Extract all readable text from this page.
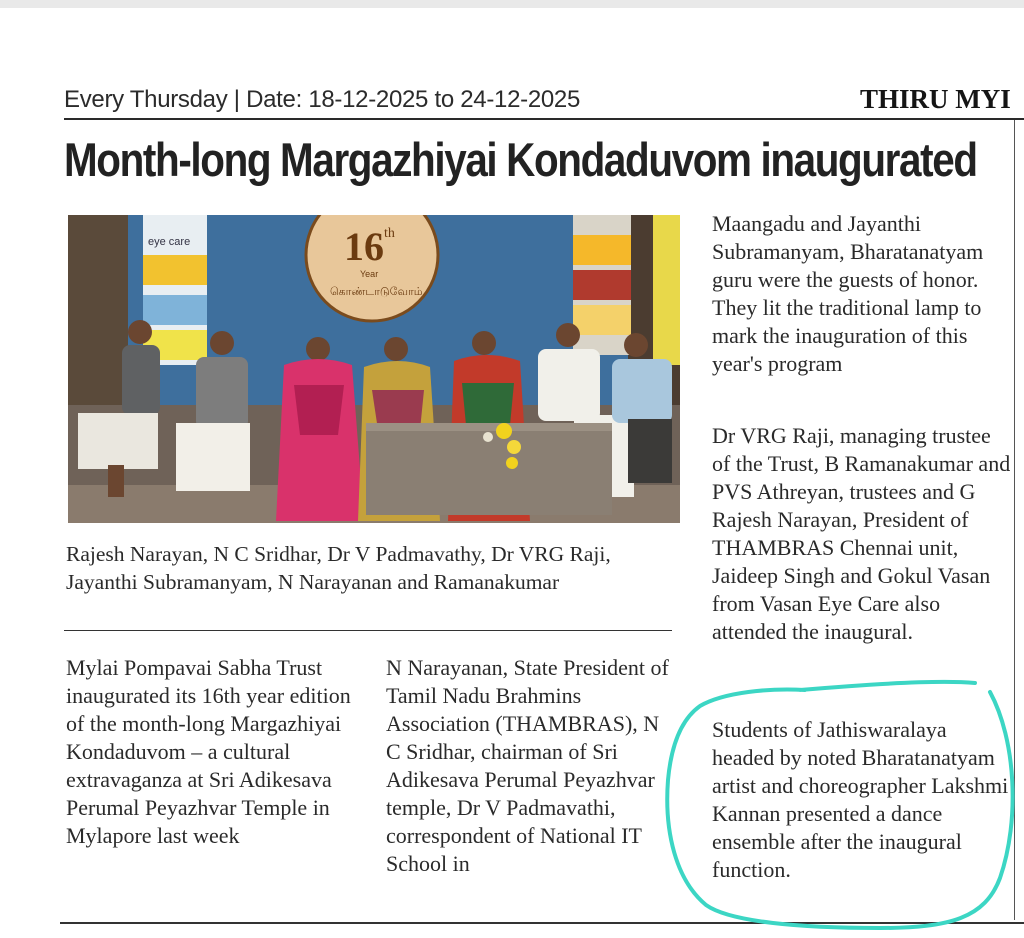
Every Thursday | Date: 18-12-2025 to 24-12-2025	THIRU MYI
Month-long Margazhiyai Kondaduvom inaugurated
eye care	16 th
Year
கொண்டாடுவோம்
Rajesh Narayan, N C Sridhar, Dr V Padmavathy, Dr VRG Raji, Jayanthi Subramanyam, N Narayanan and Ramanakumar

Mylai Pompavai Sabha Trust inaugurated its 16th year edition of the month-long Margazhiyai Kondaduvom – a cultural extravaganza at Sri Adikesava Perumal Peyazhvar Temple in Mylapore last week

N Narayanan, State President of Tamil Nadu Brahmins Association (THAMBRAS), N C Sridhar, chairman of Sri Adikesava Perumal Peyazhvar temple, Dr V Padmavathi, correspondent of National IT School in

Maangadu and Jayanthi Subramanyam, Bharatanatyam guru were the guests of honor. They lit the traditional lamp to mark the inauguration of this year's program

Dr VRG Raji, managing trustee of the Trust, B Ramanakumar and PVS Athreyan, trustees and G Rajesh Narayan, President of THAMBRAS Chennai unit, Jaideep Singh and Gokul Vasan from Vasan Eye Care also attended the inaugural.

Students of Jathiswaralaya headed by noted Bharatanatyam artist and choreographer Lakshmi Kannan presented a dance ensemble after the inaugural function.
